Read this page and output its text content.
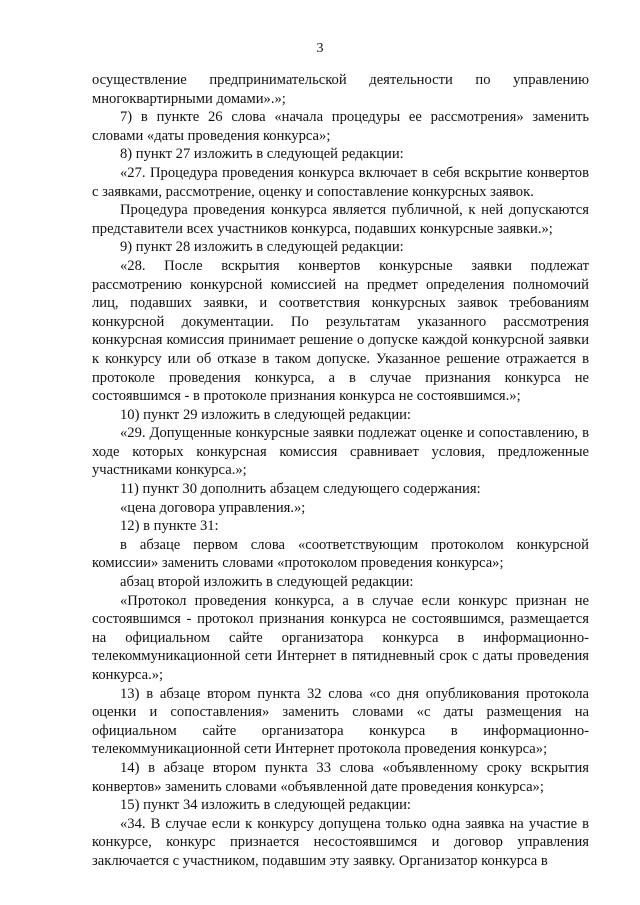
3

осуществление предпринимательской деятельности по управлению многоквартирными домами».»;

7) в пункте 26 слова «начала процедуры ее рассмотрения» заменить словами «даты проведения конкурса»;

8) пункт 27 изложить в следующей редакции:

«27. Процедура проведения конкурса включает в себя вскрытие конвертов с заявками, рассмотрение, оценку и сопоставление конкурсных заявок.

Процедура проведения конкурса является публичной, к ней допускаются представители всех участников конкурса, подавших конкурсные заявки.»;

9) пункт 28 изложить в следующей редакции:

«28. После вскрытия конвертов конкурсные заявки подлежат рассмотрению конкурсной комиссией на предмет определения полномочий лиц, подавших заявки, и соответствия конкурсных заявок требованиям конкурсной документации. По результатам указанного рассмотрения конкурсная комиссия принимает решение о допуске каждой конкурсной заявки к конкурсу или об отказе в таком допуске. Указанное решение отражается в протоколе проведения конкурса, а в случае признания конкурса не состоявшимся - в протоколе признания конкурса не состоявшимся.»;

10) пункт 29 изложить в следующей редакции:

«29. Допущенные конкурсные заявки подлежат оценке и сопоставлению, в ходе которых конкурсная комиссия сравнивает условия, предложенные участниками конкурса.»;

11) пункт 30 дополнить абзацем следующего содержания:

«цена договора управления.»;

12) в пункте 31:

в абзаце первом слова «соответствующим протоколом конкурсной комиссии» заменить словами «протоколом проведения конкурса»;

абзац второй изложить в следующей редакции:

«Протокол проведения конкурса, а в случае если конкурс признан не состоявшимся - протокол признания конкурса не состоявшимся, размещается на официальном сайте организатора конкурса в информационно-телекоммуникационной сети Интернет в пятидневный срок с даты проведения конкурса.»;

13) в абзаце втором пункта 32 слова «со дня опубликования протокола оценки и сопоставления» заменить словами «с даты размещения на официальном сайте организатора конкурса в информационно-телекоммуникационной сети Интернет протокола проведения конкурса»;

14) в абзаце втором пункта 33 слова «объявленному сроку вскрытия конвертов» заменить словами «объявленной дате проведения конкурса»;

15) пункт 34 изложить в следующей редакции:

«34. В случае если к конкурсу допущена только одна заявка на участие в конкурсе, конкурс признается несостоявшимся и договор управления заключается с участником, подавшим эту заявку. Организатор конкурса в
